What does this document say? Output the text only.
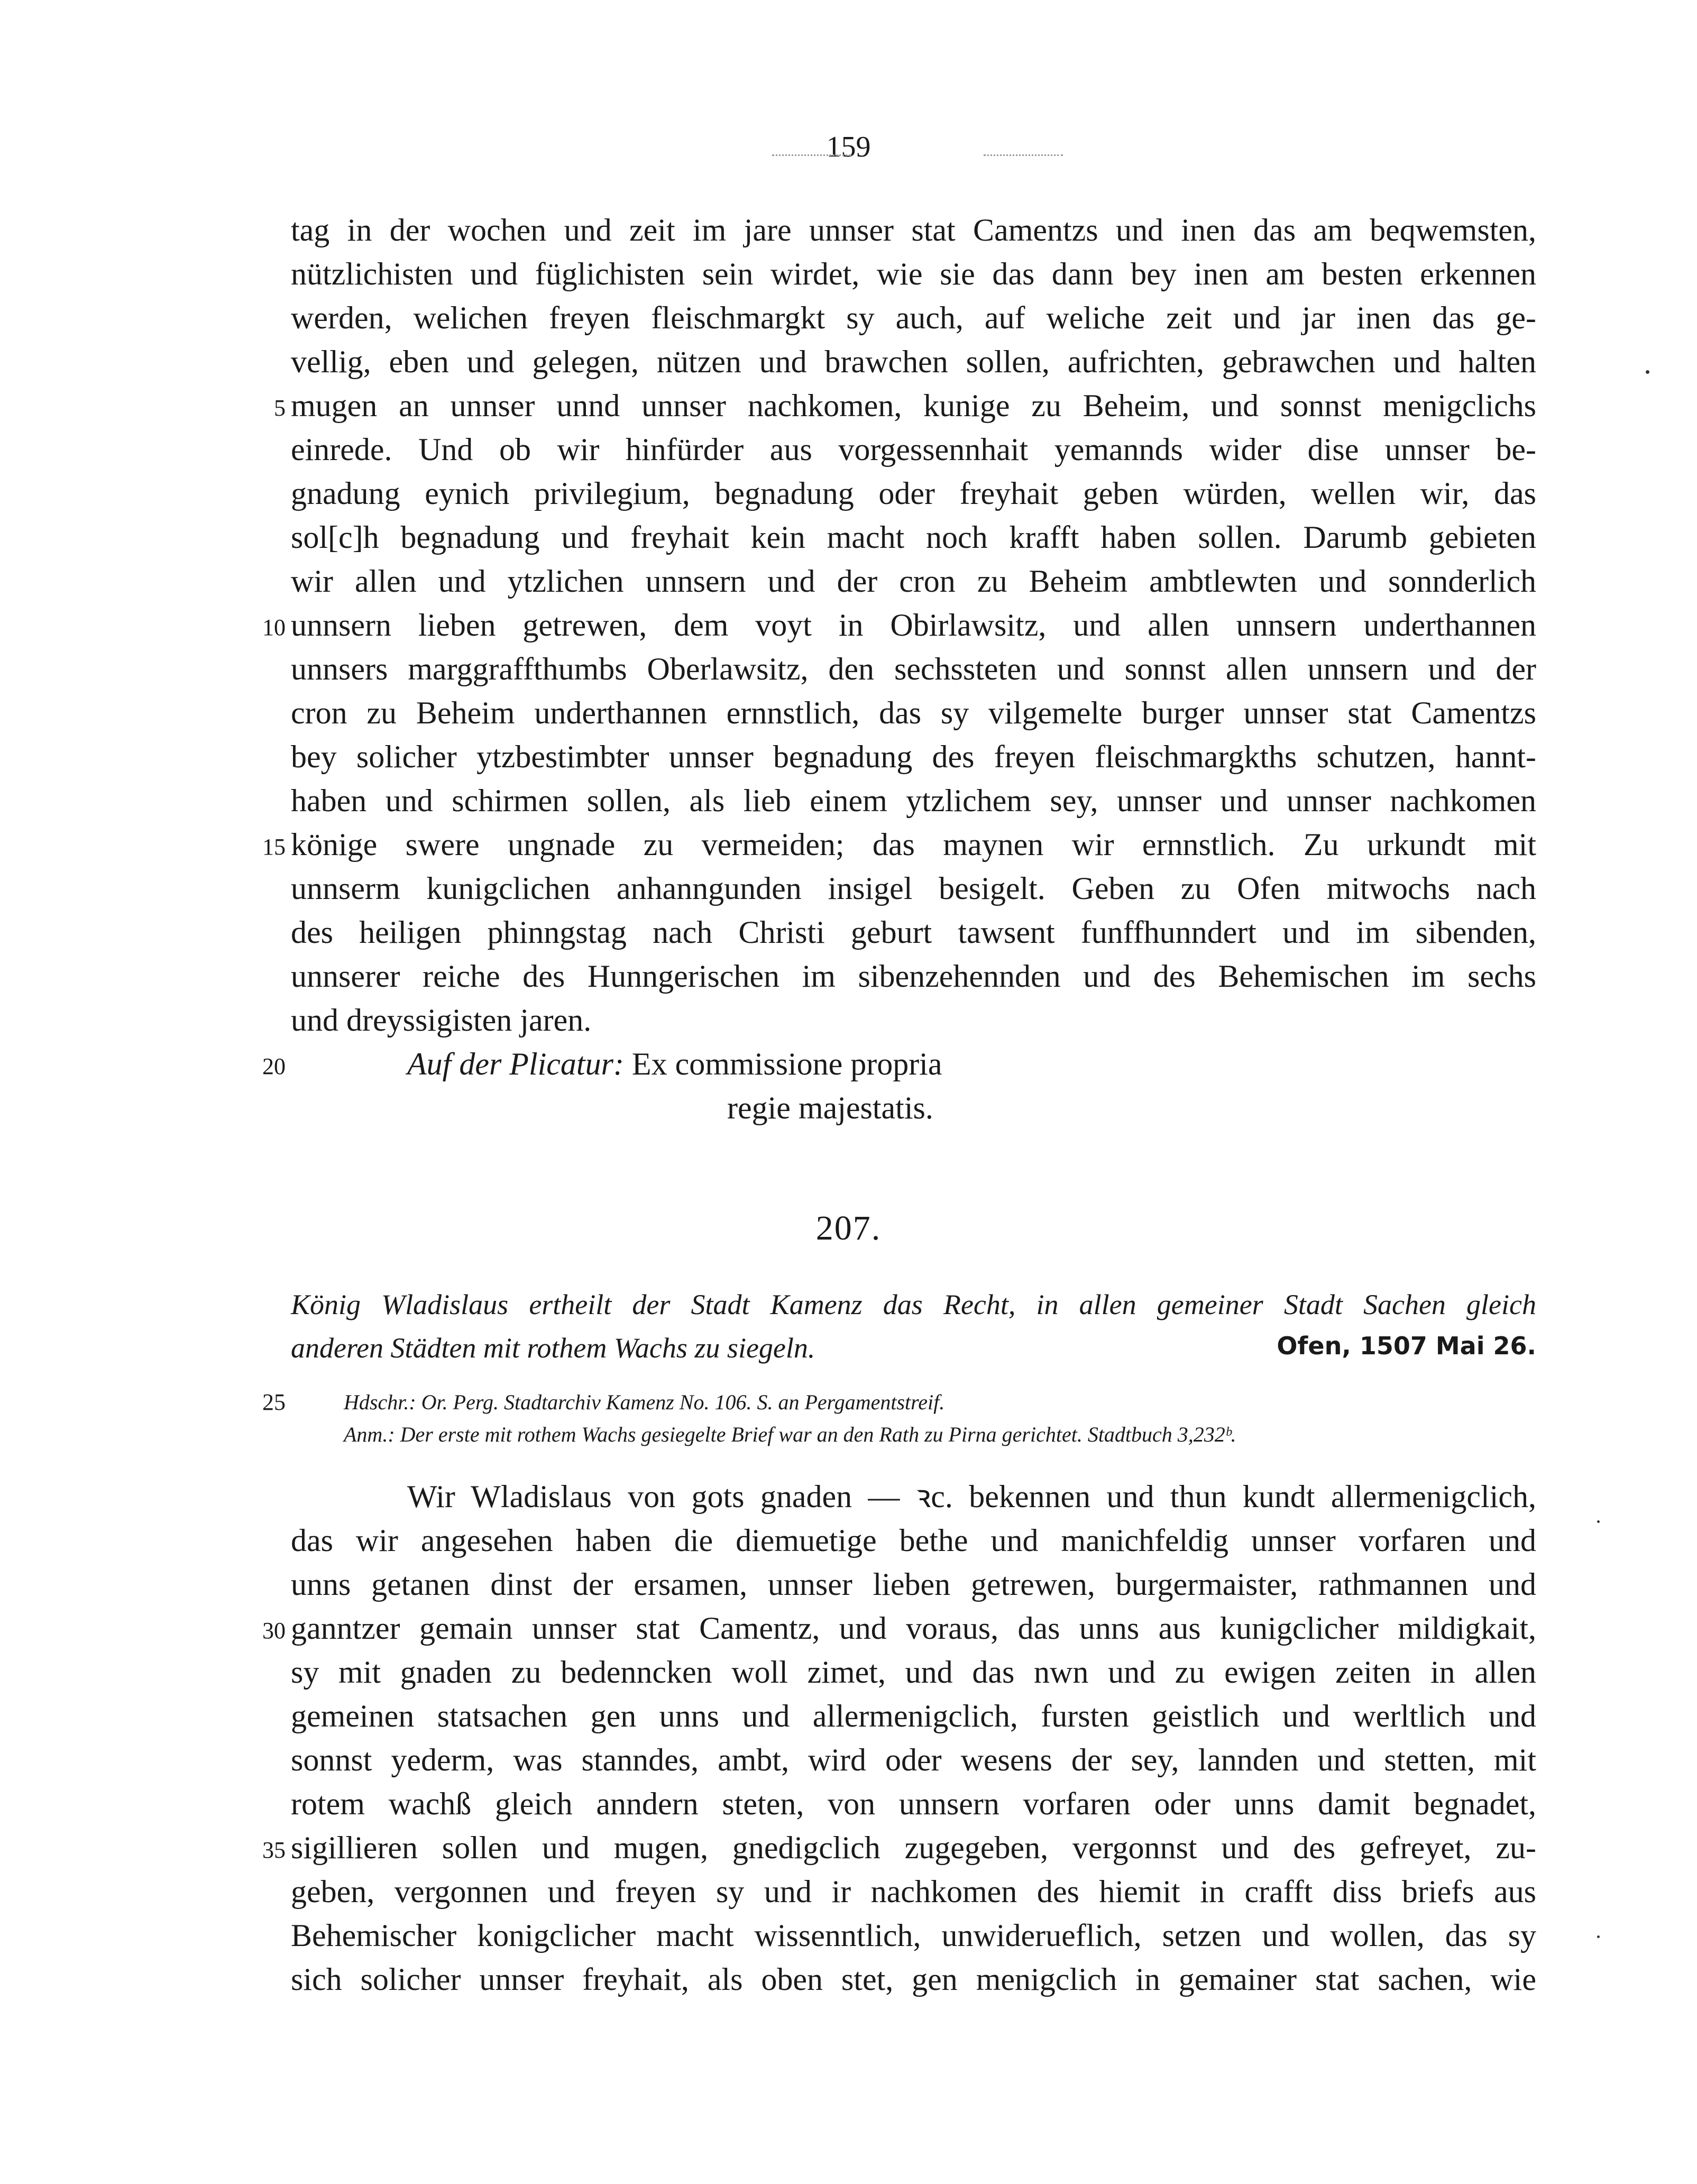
159
tag in der wochen und zeit im jare unnser stat Camentzs und inen das am beqwemsten,
nützlichisten und füglichisten sein wirdet, wie sie das dann bey inen am besten erkennen
werden, welichen freyen fleischmargkt sy auch, auf weliche zeit und jar inen das ge-
vellig, eben und gelegen, nützen und brawchen sollen, aufrichten, gebrawchen und halten
mugen an unnser unnd unnser nachkomen, kunige zu Beheim, und sonnst menigclichs
einrede. Und ob wir hinfürder aus vorgessennhait yemannds wider dise unnser be-
gnadung eynich privilegium, begnadung oder freyhait geben würden, wellen wir, das
sol[c]h begnadung und freyhait kein macht noch krafft haben sollen. Darumb gebieten
wir allen und ytzlichen unnsern und der cron zu Beheim ambtlewten und sonnderlich
unnsern lieben getrewen, dem voyt in Obirlawsitz, und allen unnsern underthannen
unnsers marggraffthumbs Oberlawsitz, den sechssteten und sonnst allen unnsern und der
cron zu Beheim underthannen ernnstlich, das sy vilgemelte burger unnser stat Camentzs
bey solicher ytzbestimbter unnser begnadung des freyen fleischmargkths schutzen, hannt-
haben und schirmen sollen, als lieb einem ytzlichem sey, unnser und unnser nachkomen
könige swere ungnade zu vermeiden; das maynen wir ernnstlich. Zu urkundt mit
unnserm kunigclichen anhanngunden insigel besigelt. Geben zu Ofen mitwochs nach
des heiligen phinngstag nach Christi geburt tawsent funffhunndert und im sibenden,
unnserer reiche des Hunngerischen im sibenzehennden und des Behemischen im sechs
und dreyssigisten jaren.
5
10
15
20	Auf der Plicatur: Ex commissione propria
regie majestatis.
207.
König Wladislaus ertheilt der Stadt Kamenz das Recht, in allen gemeiner Stadt Sachen gleich
anderen Städten mit rothem Wachs zu siegeln.	Ofen, 1507 Mai 26.
25	Hdschr.: Or. Perg. Stadtarchiv Kamenz No. 106. S. an Pergamentstreif.
Anm.: Der erste mit rothem Wachs gesiegelte Brief war an den Rath zu Pirna gerichtet. Stadtbuch 3,232ᵇ.
Wir Wladislaus von gots gnaden — ꝛc. bekennen und thun kundt allermenigclich,
das wir angesehen haben die diemuetige bethe und manichfeldig unnser vorfaren und
unns getanen dinst der ersamen, unnser lieben getrewen, burgermaister, rathmannen und
ganntzer gemain unnser stat Camentz, und voraus, das unns aus kunigclicher mildigkait,
sy mit gnaden zu bedenncken woll zimet, und das nwn und zu ewigen zeiten in allen
gemeinen statsachen gen unns und allermenigclich, fursten geistlich und werltlich und
sonnst yederm, was stanndes, ambt, wird oder wesens der sey, lannden und stetten, mit
rotem wachß gleich anndern steten, von unnsern vorfaren oder unns damit begnadet,
sigillieren sollen und mugen, gnedigclich zugegeben, vergonnst und des gefreyet, zu-
geben, vergonnen und freyen sy und ir nachkomen des hiemit in crafft diss briefs aus
Behemischer konigclicher macht wissenntlich, unwiderueflich, setzen und wollen, das sy
sich solicher unnser freyhait, als oben stet, gen menigclich in gemainer stat sachen, wie
30
35
